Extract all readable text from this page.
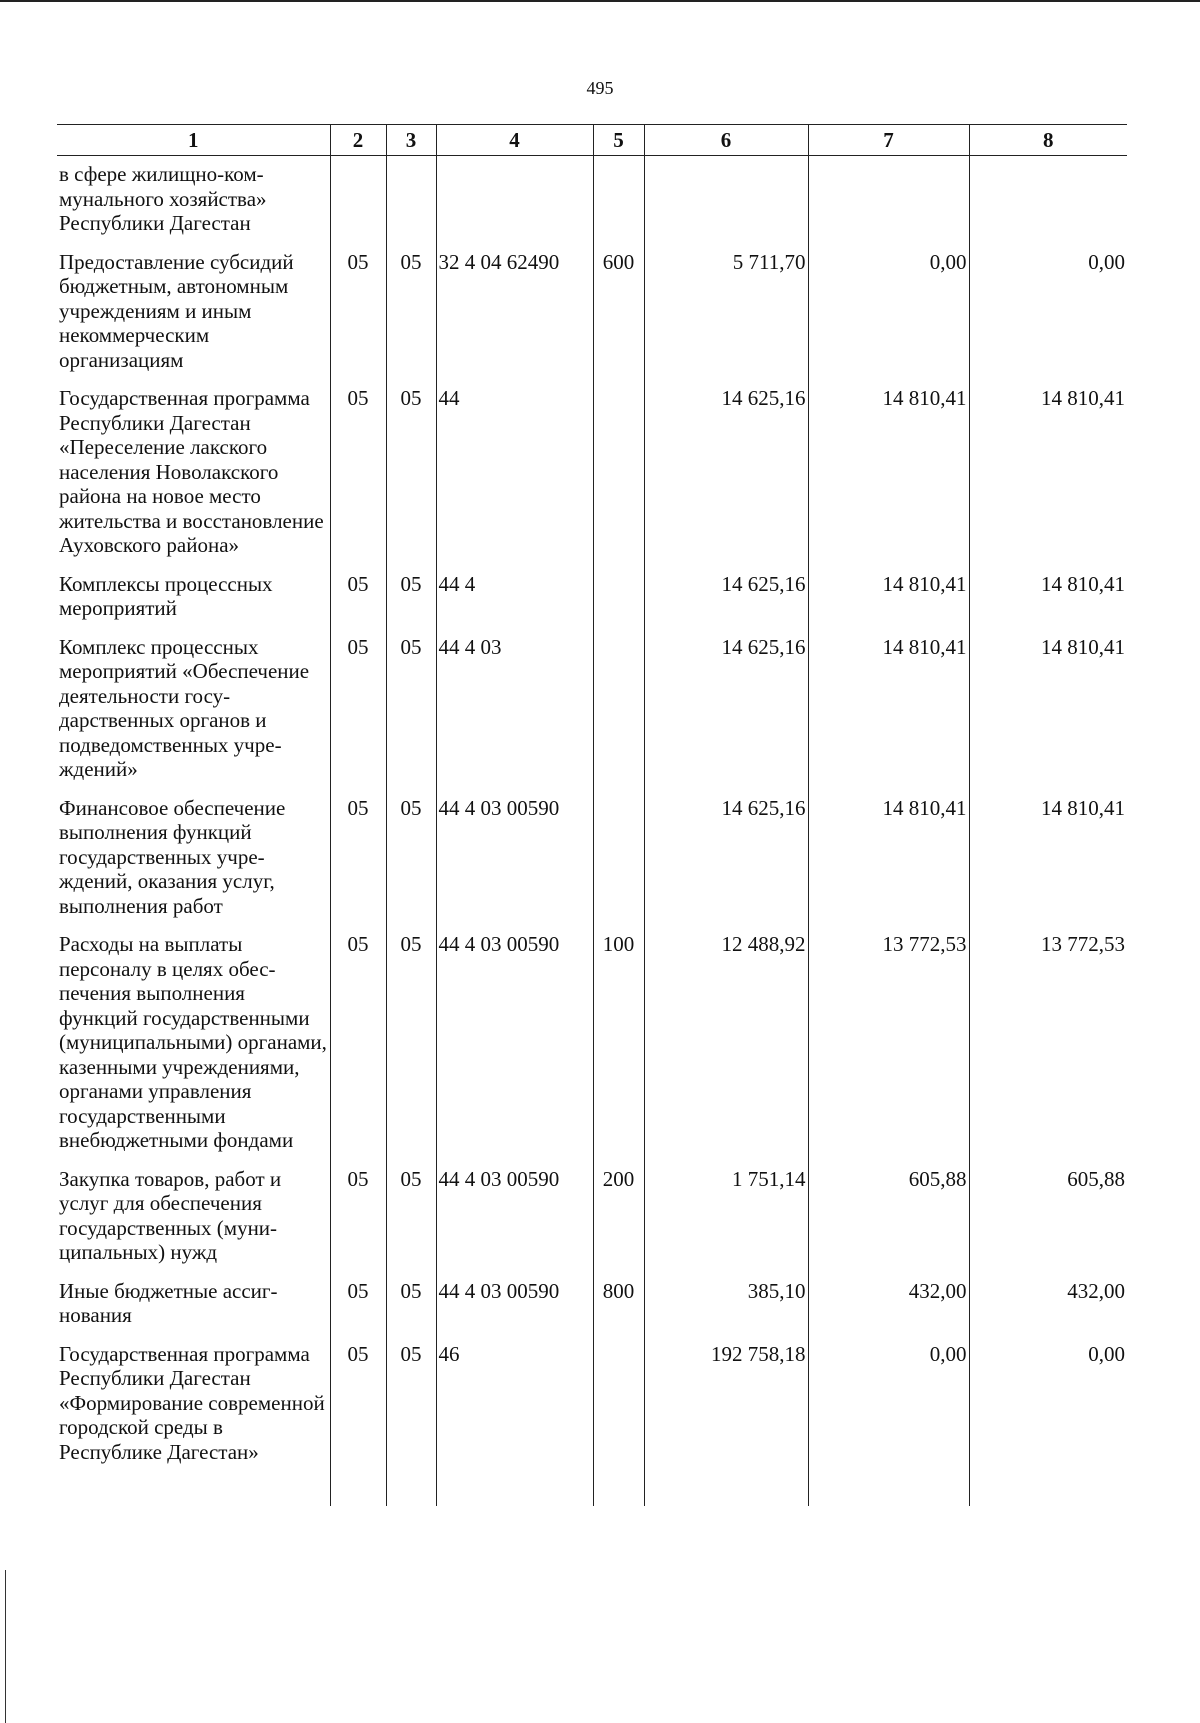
495
1	2	3	4	5	6	7	8
в сфере жилищно-коммунального хозяйства» Республики Дагестан							
Предоставление субсидий бюджетным, автономным учреждениям и иным некоммерческим организациям	05	05	32 4 04 62490	600	5 711,70	0,00	0,00
Государственная программа Республики Дагестан «Переселение лакского населения Новолакского района на новое место жительства и восстановление Ауховского района»	05	05	44		14 625,16	14 810,41	14 810,41
Комплексы процессных мероприятий	05	05	44 4		14 625,16	14 810,41	14 810,41
Комплекс процессных мероприятий «Обеспечение деятельности государственных органов и подведомственных учреждений»	05	05	44 4 03		14 625,16	14 810,41	14 810,41
Финансовое обеспечение выполнения функций государственных учреждений, оказания услуг, выполнения работ	05	05	44 4 03 00590		14 625,16	14 810,41	14 810,41
Расходы на выплаты персоналу в целях обеспечения выполнения функций государственными (муниципальными) органами, казенными учреждениями, органами управления государственными внебюджетными фондами	05	05	44 4 03 00590	100	12 488,92	13 772,53	13 772,53
Закупка товаров, работ и услуг для обеспечения государственных (муниципальных) нужд	05	05	44 4 03 00590	200	1 751,14	605,88	605,88
Иные бюджетные ассигнования	05	05	44 4 03 00590	800	385,10	432,00	432,00
Государственная программа Республики Дагестан «Формирование современной городской среды в Республике Дагестан»	05	05	46		192 758,18	0,00	0,00
